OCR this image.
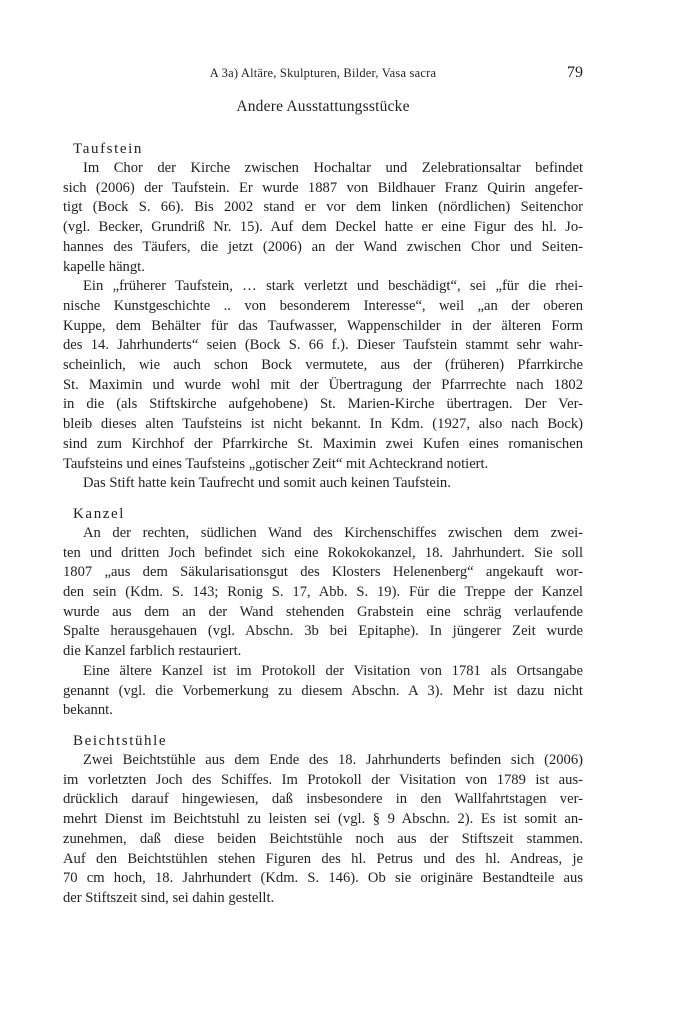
A 3a) Altäre, Skulpturen, Bilder, Vasa sacra	79
Andere Ausstattungsstücke
Taufstein
Im Chor der Kirche zwischen Hochaltar und Zelebrationsaltar befindet
sich (2006) der Taufstein. Er wurde 1887 von Bildhauer Franz Quirin angefer-
tigt (Bock S. 66). Bis 2002 stand er vor dem linken (nördlichen) Seitenchor
(vgl. Becker, Grundriß Nr. 15). Auf dem Deckel hatte er eine Figur des hl. Jo-
hannes des Täufers, die jetzt (2006) an der Wand zwischen Chor und Seiten-
kapelle hängt.
Ein „früherer Taufstein, … stark verletzt und beschädigt“, sei „für die rhei-
nische Kunstgeschichte .. von besonderem Interesse“, weil „an der oberen
Kuppe, dem Behälter für das Taufwasser, Wappenschilder in der älteren Form
des 14. Jahrhunderts“ seien (Bock S. 66 f.). Dieser Taufstein stammt sehr wahr-
scheinlich, wie auch schon Bock vermutete, aus der (früheren) Pfarrkirche
St. Maximin und wurde wohl mit der Übertragung der Pfarrrechte nach 1802
in die (als Stiftskirche aufgehobene) St. Marien-Kirche übertragen. Der Ver-
bleib dieses alten Taufsteins ist nicht bekannt. In Kdm. (1927, also nach Bock)
sind zum Kirchhof der Pfarrkirche St. Maximin zwei Kufen eines romanischen
Taufsteins und eines Taufsteins „gotischer Zeit“ mit Achteckrand notiert.
Das Stift hatte kein Taufrecht und somit auch keinen Taufstein.
Kanzel
An der rechten, südlichen Wand des Kirchenschiffes zwischen dem zwei-
ten und dritten Joch befindet sich eine Rokokokanzel, 18. Jahrhundert. Sie soll
1807 „aus dem Säkularisationsgut des Klosters Helenenberg“ angekauft wor-
den sein (Kdm. S. 143; Ronig S. 17, Abb. S. 19). Für die Treppe der Kanzel
wurde aus dem an der Wand stehenden Grabstein eine schräg verlaufende
Spalte herausgehauen (vgl. Abschn. 3b bei Epitaphe). In jüngerer Zeit wurde
die Kanzel farblich restauriert.
Eine ältere Kanzel ist im Protokoll der Visitation von 1781 als Ortsangabe
genannt (vgl. die Vorbemerkung zu diesem Abschn. A 3). Mehr ist dazu nicht
bekannt.
Beichtstühle
Zwei Beichtstühle aus dem Ende des 18. Jahrhunderts befinden sich (2006)
im vorletzten Joch des Schiffes. Im Protokoll der Visitation von 1789 ist aus-
drücklich darauf hingewiesen, daß insbesondere in den Wallfahrtstagen ver-
mehrt Dienst im Beichtstuhl zu leisten sei (vgl. § 9 Abschn. 2). Es ist somit an-
zunehmen, daß diese beiden Beichtstühle noch aus der Stiftszeit stammen.
Auf den Beichtstühlen stehen Figuren des hl. Petrus und des hl. Andreas, je
70 cm hoch, 18. Jahrhundert (Kdm. S. 146). Ob sie originäre Bestandteile aus
der Stiftszeit sind, sei dahin gestellt.
